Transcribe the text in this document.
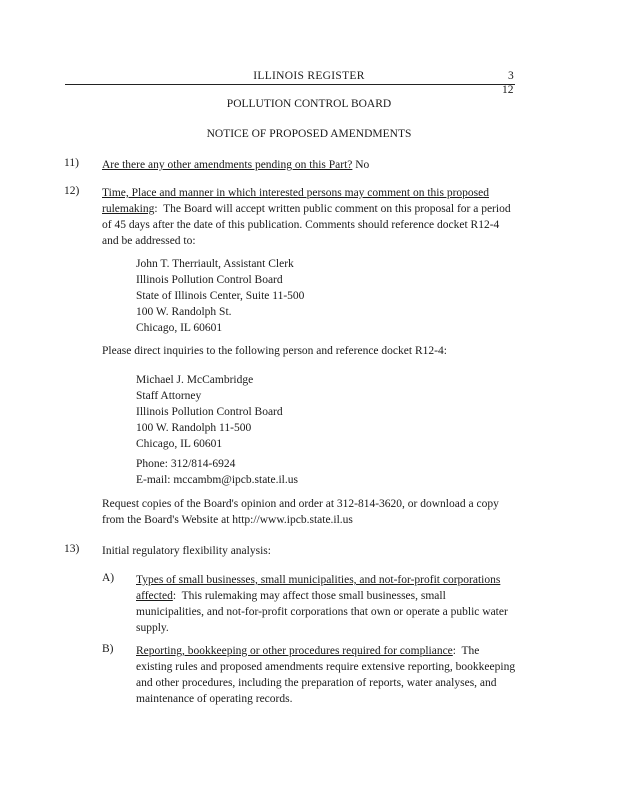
ILLINOIS REGISTER	3
12
POLLUTION CONTROL BOARD
NOTICE OF PROPOSED AMENDMENTS
11) Are there any other amendments pending on this Part? No

12) Time, Place and manner in which interested persons may comment on this proposed
rulemaking:  The Board will accept written public comment on this proposal for a period
of 45 days after the date of this publication. Comments should reference docket R12-4
and be addressed to:

John T. Therriault, Assistant Clerk
Illinois Pollution Control Board
State of Illinois Center, Suite 11-500
100 W. Randolph St.
Chicago, IL 60601

Please direct inquiries to the following person and reference docket R12-4:

Michael J. McCambridge
Staff Attorney
Illinois Pollution Control Board
100 W. Randolph 11-500
Chicago, IL 60601
Phone: 312/814-6924
E-mail: mccambm@ipcb.state.il.us

Request copies of the Board's opinion and order at 312-814-3620, or download a copy
from the Board's Website at http://www.ipcb.state.il.us

13) Initial regulatory flexibility analysis:

A) Types of small businesses, small municipalities, and not-for-profit corporations
affected:  This rulemaking may affect those small businesses, small
municipalities, and not-for-profit corporations that own or operate a public water
supply.

B) Reporting, bookkeeping or other procedures required for compliance:  The
existing rules and proposed amendments require extensive reporting, bookkeeping
and other procedures, including the preparation of reports, water analyses, and
maintenance of operating records.
